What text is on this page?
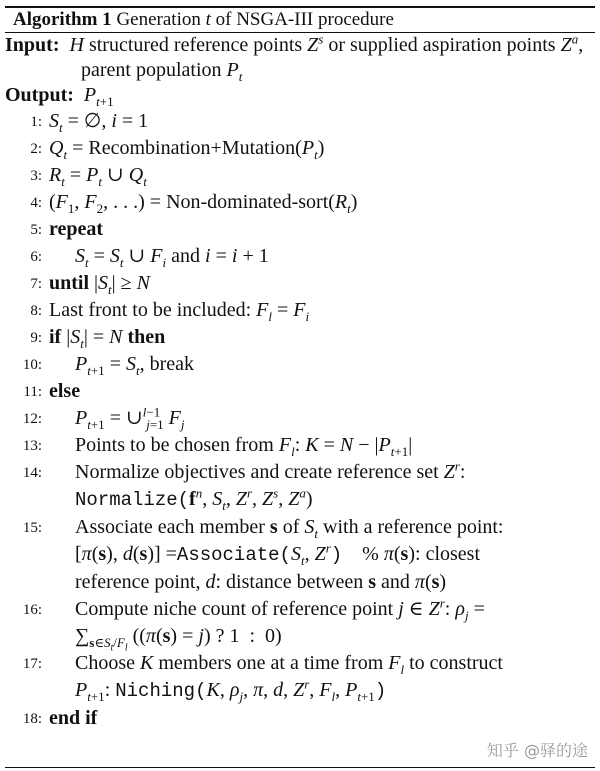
Algorithm 1 Generation t of NSGA-III procedure
Input: H structured reference points $Z^s$ or supplied aspiration points $Z^a$, parent population $P_t$
Output: $P_{t+1}$
1: $S_t$ = ∅, i = 1
2: $Q_t$ = $Recombination+Mutation(P_t)$
3: $R_t = P_t$ ∪ $Q_t$
4: ($F_1$, $F_2$, . . .) = Non-$dominated-sort(R_t)$
5: repeat
6: $S_t = S_t$ ∪ $F_i$ and i = i + 1
7: until $|S_t| \ge N$
8: Last front to be included: $F_l = F_i$
9: if $|S_t| = N$ then
10: $P_{t+1} = S_t$, break
11: else
12: $P_{t+1}$ = ∪$^{l-1}_{j=1}$ $F_j$
13: Points to be chosen from $F_l$: $K = N - |P_{t+1}|$
14: Normalize objectives and create reference set $Z^r$:
$Normalize(f^n$, $S_t$, $Z^r$, $Z^s$, $Z^a$)
15: Associate each member s of $S_t$ with a reference point:
[π(s), $d(s)] =Associate(S_t$, $Z^r$)    % π(s): closest
reference point, d: distance between s and π(s)
16: Compute niche count of reference point j ∈ $Z^r$: $\rho_j$ =
$\sum_{s\in S_t/F_l}$ ((π(s) = j) ? 1  :  0)
17: Choose K members one at a time from $F_l$ to construct
$P_{t+1}$: Niching(K, $\rho_j$, π, d, $Z^r$, $F_l$, $P_{t+1}$)
18: end if
知乎 @驿的途
